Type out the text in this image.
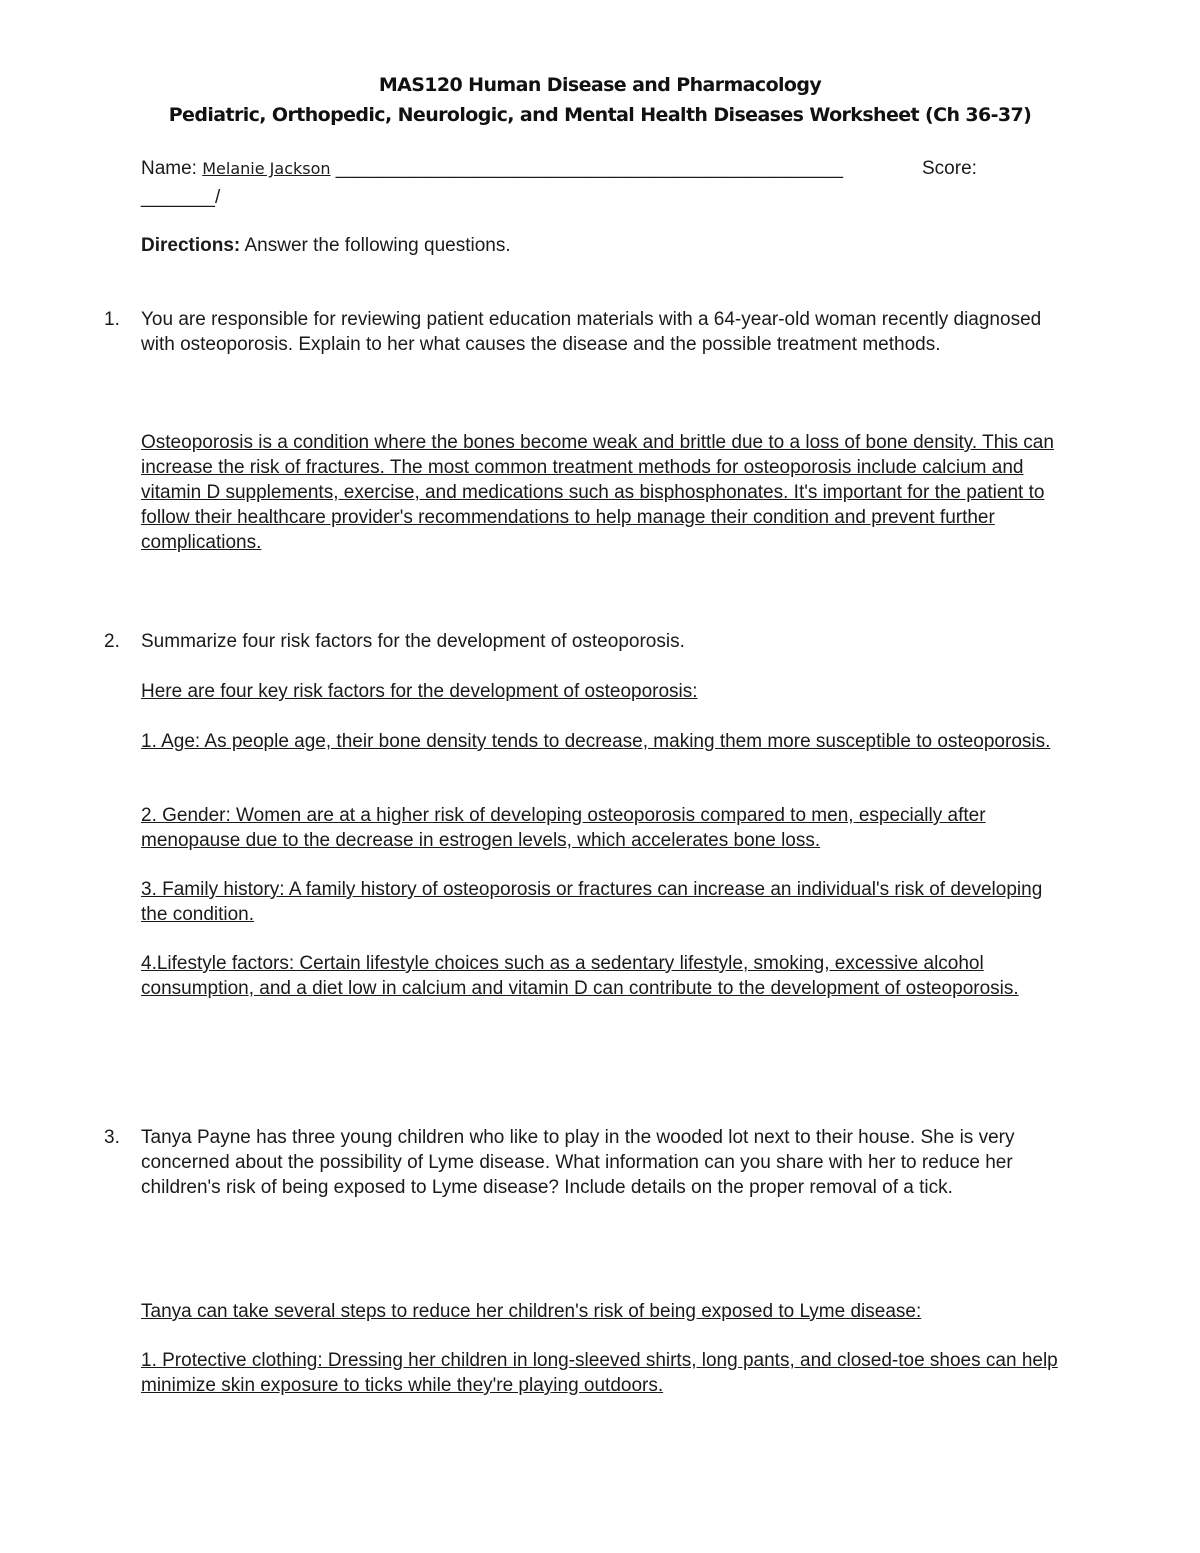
MAS120 Human Disease and Pharmacology
Pediatric, Orthopedic, Neurologic, and Mental Health Diseases Worksheet (Ch 36-37)
Name: Melanie Jackson ________________________________________________	Score:
_______/
Directions: Answer the following questions.
1. You are responsible for reviewing patient education materials with a 64-year-old woman recently diagnosed with osteoporosis. Explain to her what causes the disease and the possible treatment methods.
Osteoporosis is a condition where the bones become weak and brittle due to a loss of bone density. This can increase the risk of fractures. The most common treatment methods for osteoporosis include calcium and vitamin D supplements, exercise, and medications such as bisphosphonates. It's important for the patient to follow their healthcare provider's recommendations to help manage their condition and prevent further complications.
2. Summarize four risk factors for the development of osteoporosis.
Here are four key risk factors for the development of osteoporosis:
1. Age: As people age, their bone density tends to decrease, making them more susceptible to osteoporosis.
2. Gender: Women are at a higher risk of developing osteoporosis compared to men, especially after menopause due to the decrease in estrogen levels, which accelerates bone loss.
3. Family history: A family history of osteoporosis or fractures can increase an individual's risk of developing the condition.
4.Lifestyle factors: Certain lifestyle choices such as a sedentary lifestyle, smoking, excessive alcohol consumption, and a diet low in calcium and vitamin D can contribute to the development of osteoporosis.
3. Tanya Payne has three young children who like to play in the wooded lot next to their house. She is very concerned about the possibility of Lyme disease. What information can you share with her to reduce her children's risk of being exposed to Lyme disease? Include details on the proper removal of a tick.
Tanya can take several steps to reduce her children's risk of being exposed to Lyme disease:
1. Protective clothing: Dressing her children in long-sleeved shirts, long pants, and closed-toe shoes can help minimize skin exposure to ticks while they're playing outdoors.
